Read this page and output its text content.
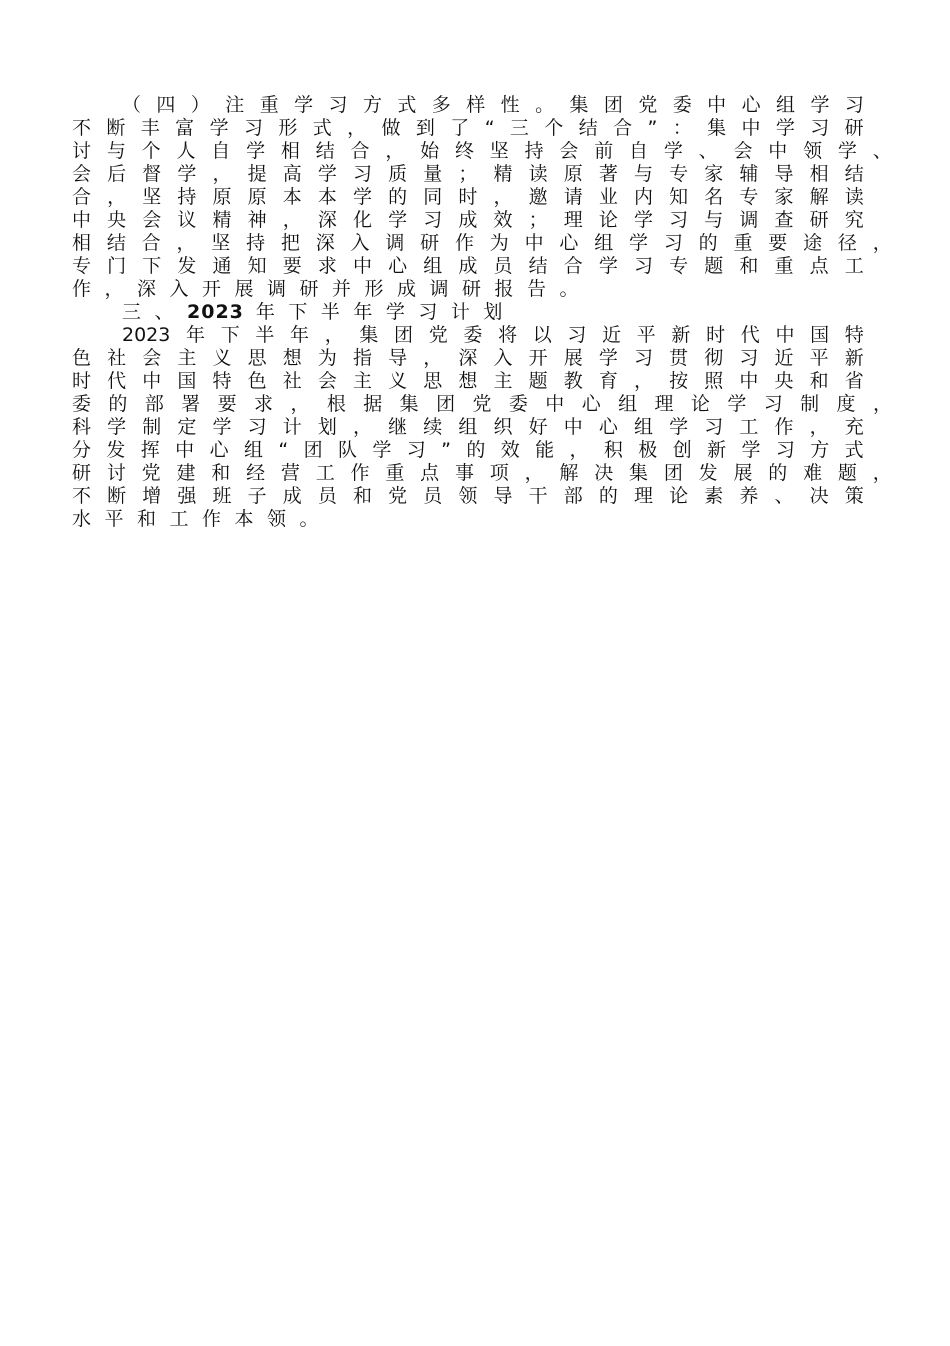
（ 四 ） 注 重 学 习 方 式 多 样 性 。 集 团 党 委 中 心 组 学 习
不 断 丰 富 学 习 形 式 ， 做 到 了 “ 三 个 结 合 ” ： 集 中 学 习 研
讨 与 个 人 自 学 相 结 合 ， 始 终 坚 持 会 前 自 学 、 会 中 领 学 、
会 后 督 学 ， 提 高 学 习 质 量 ； 精 读 原 著 与 专 家 辅 导 相 结
合 ， 坚 持 原 原 本 本 学 的 同 时 ， 邀 请 业 内 知 名 专 家 解 读
中 央 会 议 精 神 ， 深 化 学 习 成 效 ； 理 论 学 习 与 调 查 研 究
相 结 合 ， 坚 持 把 深 入 调 研 作 为 中 心 组 学 习 的 重 要 途 径 ，
专 门 下 发 通 知 要 求 中 心 组 成 员 结 合 学 习 专 题 和 重 点 工
作，深入开展调研并形成调研报告。
三、2023 年下半年学习计划
2023 年 下 半 年 ， 集 团 党 委 将 以 习 近 平 新 时 代 中 国 特
色 社 会 主 义 思 想 为 指 导 ， 深 入 开 展 学 习 贯 彻 习 近 平 新
时 代 中 国 特 色 社 会 主 义 思 想 主 题 教 育 ， 按 照 中 央 和 省
委 的 部 署 要 求 ， 根 据 集 团 党 委 中 心 组 理 论 学 习 制 度 ，
科 学 制 定 学 习 计 划 ， 继 续 组 织 好 中 心 组 学 习 工 作 ， 充
分 发 挥 中 心 组 “ 团 队 学 习 ” 的 效 能 ， 积 极 创 新 学 习 方 式
研 讨 党 建 和 经 营 工 作 重 点 事 项 ， 解 决 集 团 发 展 的 难 题 ，
不 断 增 强 班 子 成 员 和 党 员 领 导 干 部 的 理 论 素 养 、 决 策
水平和工作本领。
